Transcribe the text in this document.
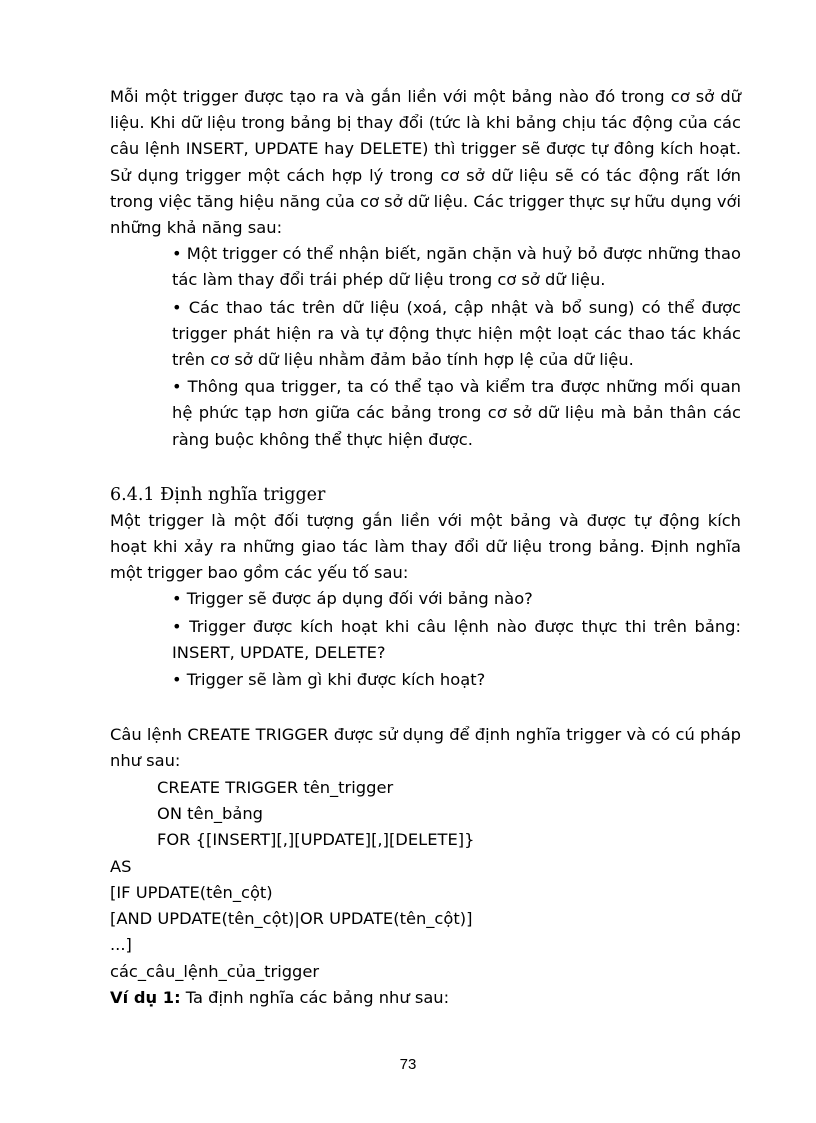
Mỗi một trigger được tạo ra và gắn liền với một bảng nào đó trong cơ sở dữ liệu. Khi dữ liệu trong bảng bị thay đổi (tức là khi bảng chịu tác động của các câu lệnh INSERT, UPDATE hay DELETE) thì trigger sẽ được tự đông kích hoạt. Sử dụng trigger một cách hợp lý trong cơ sở dữ liệu sẽ có tác động rất lớn trong việc tăng hiệu năng của cơ sở dữ liệu. Các trigger thực sự hữu dụng với những khả năng sau:

• Một trigger có thể nhận biết, ngăn chặn và huỷ bỏ được những thao tác làm thay đổi trái phép dữ liệu trong cơ sở dữ liệu.
• Các thao tác trên dữ liệu (xoá, cập nhật và bổ sung) có thể được trigger phát hiện ra và tự động thực hiện một loạt các thao tác khác trên cơ sở dữ liệu nhằm đảm bảo tính hợp lệ của dữ liệu.
• Thông qua trigger, ta có thể tạo và kiểm tra được những mối quan hệ phức tạp hơn giữa các bảng trong cơ sở dữ liệu mà bản thân các ràng buộc không thể thực hiện được.
6.4.1 Định nghĩa trigger

Một trigger là một đối tượng gắn liền với một bảng và được tự động kích hoạt khi xảy ra những giao tác làm thay đổi dữ liệu trong bảng. Định nghĩa một trigger bao gồm các yếu tố sau:

• Trigger sẽ được áp dụng đối với bảng nào?
• Trigger được kích hoạt khi câu lệnh nào được thực thi trên bảng: INSERT, UPDATE, DELETE?
• Trigger sẽ làm gì khi được kích hoạt?

Câu lệnh CREATE TRIGGER được sử dụng để định nghĩa trigger và có cú pháp như sau:

CREATE TRIGGER tên_trigger

ON tên_bảng

FOR {[INSERT][,][UPDATE][,][DELETE]}

AS

[IF UPDATE(tên_cột)

[AND UPDATE(tên_cột)|OR UPDATE(tên_cột)]

...]

các_câu_lệnh_của_trigger

Ví dụ 1: Ta định nghĩa các bảng như sau:

73
